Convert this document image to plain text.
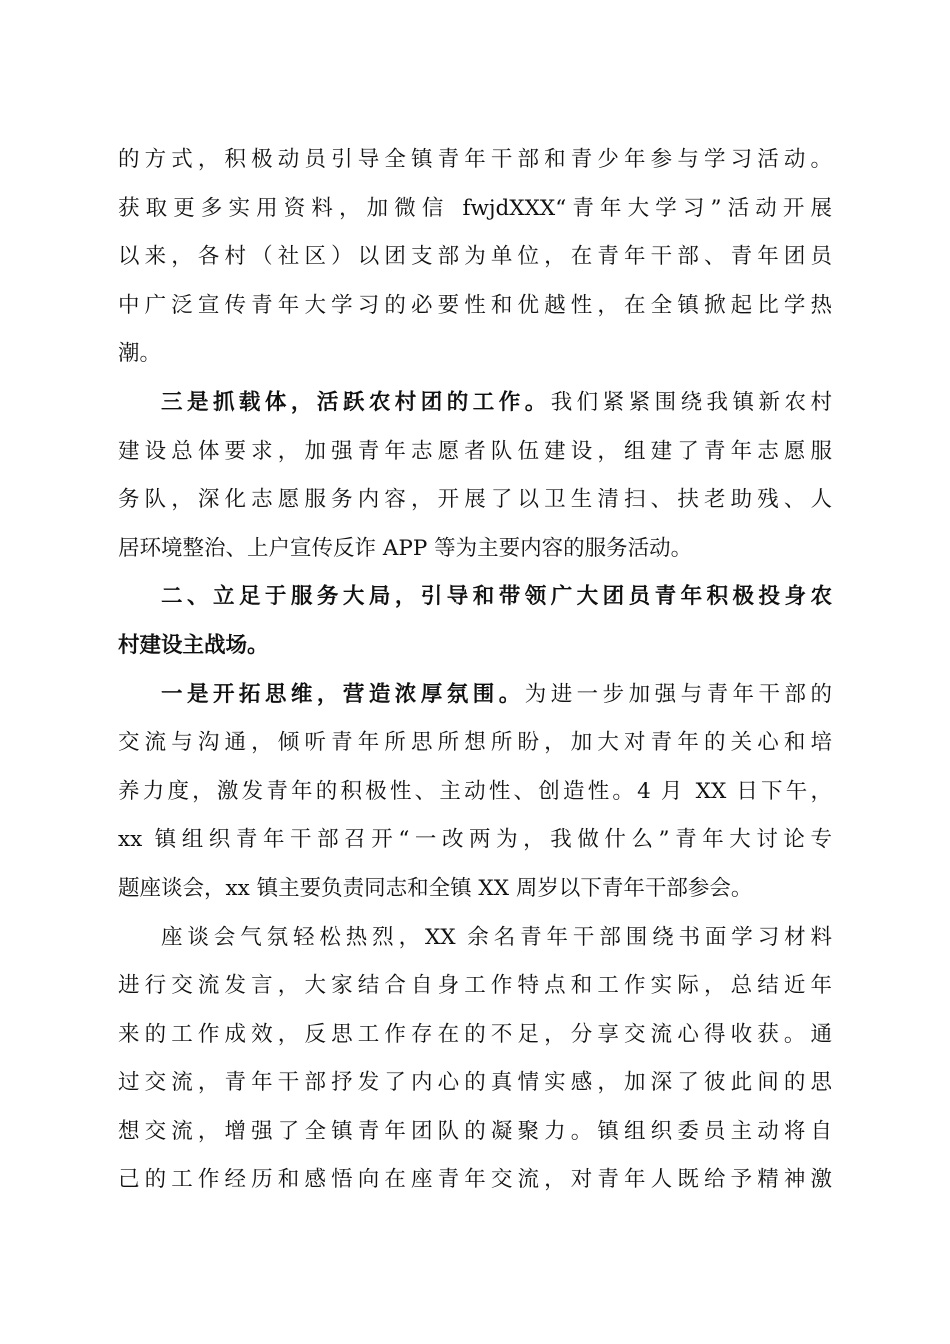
的方式，积极动员引导全镇青年干部和青少年参与学习活动。
获取更多实用资料，加微信 fwjdXXX“青年大学习”活动开展
以来，各村（社区）以团支部为单位，在青年干部、青年团员
中广泛宣传青年大学习的必要性和优越性，在全镇掀起比学热
潮。
三是抓载体，活跃农村团的工作。我们紧紧围绕我镇新农村
建设总体要求，加强青年志愿者队伍建设，组建了青年志愿服
务队，深化志愿服务内容，开展了以卫生清扫、扶老助残、人
居环境整治、上户宣传反诈 APP 等为主要内容的服务活动。
二、立足于服务大局，引导和带领广大团员青年积极投身农
村建设主战场。
一是开拓思维，营造浓厚氛围。为进一步加强与青年干部的
交流与沟通，倾听青年所思所想所盼，加大对青年的关心和培
养力度，激发青年的积极性、主动性、创造性。4 月 XX 日下午，
xx 镇组织青年干部召开“一改两为，我做什么”青年大讨论专
题座谈会，xx 镇主要负责同志和全镇 XX 周岁以下青年干部参会。
座谈会气氛轻松热烈，XX 余名青年干部围绕书面学习材料
进行交流发言，大家结合自身工作特点和工作实际，总结近年
来的工作成效，反思工作存在的不足，分享交流心得收获。通
过交流，青年干部抒发了内心的真情实感，加深了彼此间的思
想交流，增强了全镇青年团队的凝聚力。镇组织委员主动将自
己的工作经历和感悟向在座青年交流，对青年人既给予精神激
